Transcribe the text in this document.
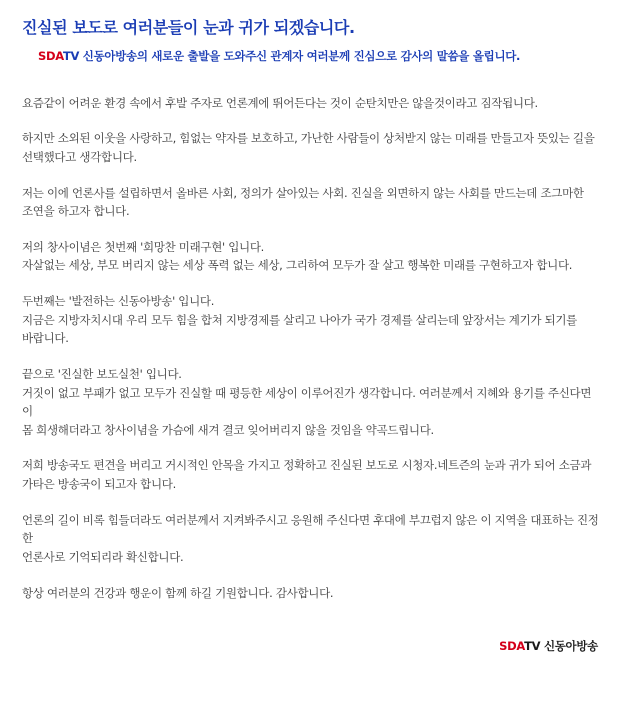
진실된 보도로 여러분들이 눈과 귀가 되겠습니다.
SDATV 신동아방송의 새로운 출발을 도와주신 관계자 여러분께 진심으로 감사의 말씀을 올립니다.

요즘같이 어려운 환경 속에서 후발 주자로 언론계에 뛰어든다는 것이 순탄치만은 않을것이라고 짐작됩니다.

하지만 소외된 이웃을 사랑하고, 힘없는 약자를 보호하고, 가난한 사람들이 상처받지 않는 미래를 만들고자 뜻있는 길을
선택했다고 생각합니다.

저는 이에 언론사를 설립하면서 올바른 사회, 정의가 살아있는 사회. 진실을 외면하지 않는 사회를 만드는데 조그마한
조연을 하고자 합니다.

저의 창사이념은 첫번째 '희망찬 미래구현' 입니다.
자살없는 세상, 부모 버리지 않는 세상 폭력 없는 세상, 그리하여 모두가 잘 살고 행복한 미래를 구현하고자 합니다.

두번째는 '발전하는 신동아방송' 입니다.
지금은 지방자치시대 우리 모두 힘을 합쳐 지방경제를 살리고 나아가 국가 경제를 살리는데 앞장서는 계기가 되기를
바랍니다.

끝으로 '진실한 보도실천' 입니다.
거짓이 없고 부패가 없고 모두가 진실할 때 평등한 세상이 이루어진가 생각합니다. 여러분께서 지혜와 용기를 주신다면 이
몸 희생해더라고 창사이념을 가슴에 새겨 결코 잊어버리지 않을 것임을 약곡드립니다.

저희 방송국도 편견을 버리고 거시적인 안목을 가지고 정확하고 진실된 보도로 시청자.네트즌의 눈과 귀가 되어 소금과
가타은 방송국이 되고자 합니다.

언론의 길이 비록 힘들더라도 여러분께서 지켜봐주시고 응원해 주신다면 후대에 부끄럽지 않은 이 지역을 대표하는 진정한
언론사로 기억되리라 확신합니다.

항상 여러분의 건강과 행운이 함께 하길 기원합니다. 감사합니다.

SDATV 신동아방송
